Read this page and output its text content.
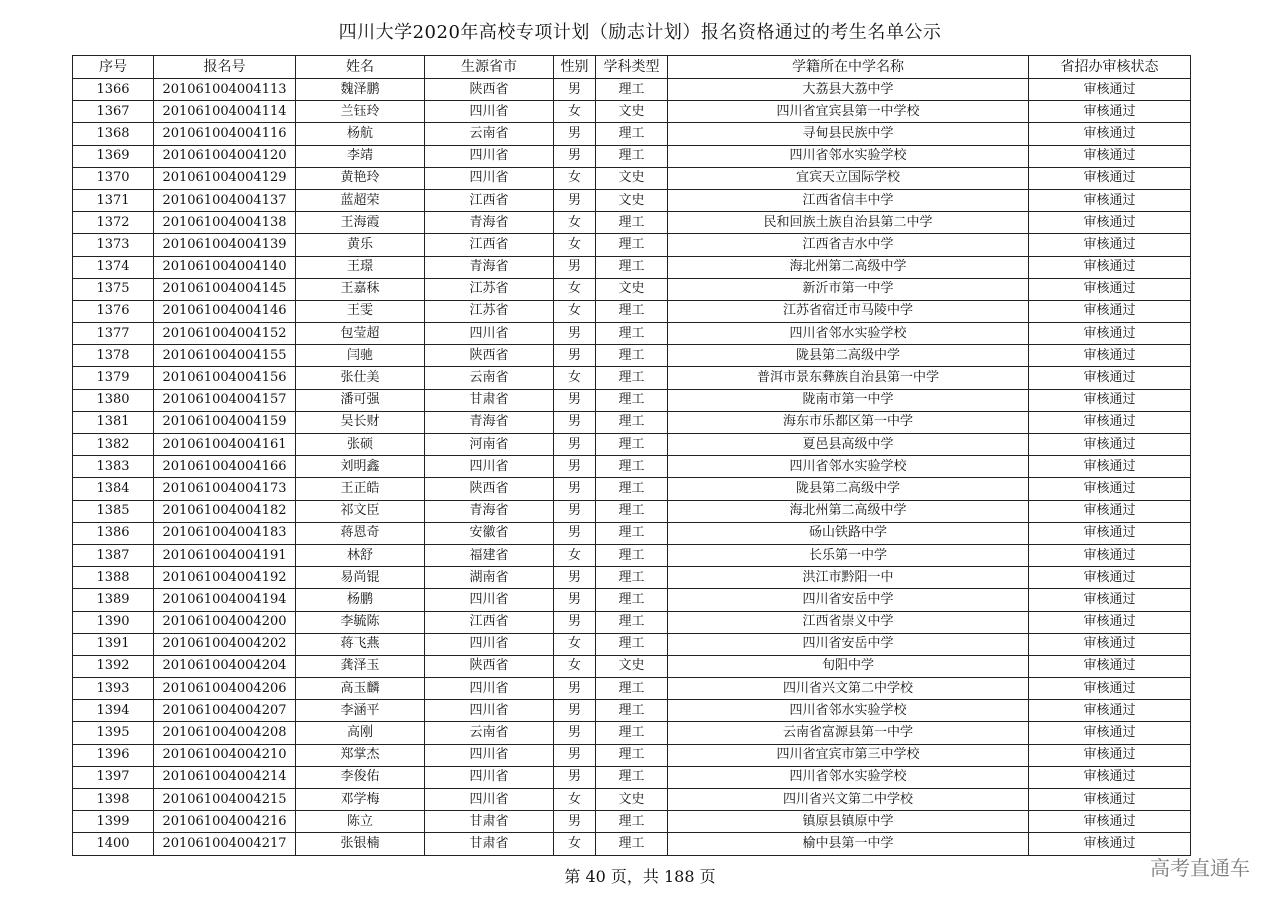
四川大学2020年高校专项计划（励志计划）报名资格通过的考生名单公示
序号	报名号	姓名	生源省市	性别	学科类型	学籍所在中学名称	省招办审核状态
1366	201061004004113	魏泽鹏	陕西省	男	理工	大荔县大荔中学	审核通过
1367	201061004004114	兰钰玲	四川省	女	文史	四川省宜宾县第一中学校	审核通过
1368	201061004004116	杨航	云南省	男	理工	寻甸县民族中学	审核通过
1369	201061004004120	李靖	四川省	男	理工	四川省邻水实验学校	审核通过
1370	201061004004129	黄艳玲	四川省	女	文史	宜宾天立国际学校	审核通过
1371	201061004004137	蓝超荣	江西省	男	文史	江西省信丰中学	审核通过
1372	201061004004138	王海霞	青海省	女	理工	民和回族土族自治县第二中学	审核通过
1373	201061004004139	黄乐	江西省	女	理工	江西省吉水中学	审核通过
1374	201061004004140	王璟	青海省	男	理工	海北州第二高级中学	审核通过
1375	201061004004145	王嘉秣	江苏省	女	文史	新沂市第一中学	审核通过
1376	201061004004146	王雯	江苏省	女	理工	江苏省宿迁市马陵中学	审核通过
1377	201061004004152	包莹超	四川省	男	理工	四川省邻水实验学校	审核通过
1378	201061004004155	闫驰	陕西省	男	理工	陇县第二高级中学	审核通过
1379	201061004004156	张仕美	云南省	女	理工	普洱市景东彝族自治县第一中学	审核通过
1380	201061004004157	潘可强	甘肃省	男	理工	陇南市第一中学	审核通过
1381	201061004004159	吴长财	青海省	男	理工	海东市乐都区第一中学	审核通过
1382	201061004004161	张硕	河南省	男	理工	夏邑县高级中学	审核通过
1383	201061004004166	刘明鑫	四川省	男	理工	四川省邻水实验学校	审核通过
1384	201061004004173	王正皓	陕西省	男	理工	陇县第二高级中学	审核通过
1385	201061004004182	祁文臣	青海省	男	理工	海北州第二高级中学	审核通过
1386	201061004004183	蒋恩奇	安徽省	男	理工	砀山铁路中学	审核通过
1387	201061004004191	林舒	福建省	女	理工	长乐第一中学	审核通过
1388	201061004004192	易尚锟	湖南省	男	理工	洪江市黔阳一中	审核通过
1389	201061004004194	杨鹏	四川省	男	理工	四川省安岳中学	审核通过
1390	201061004004200	李毓陈	江西省	男	理工	江西省崇义中学	审核通过
1391	201061004004202	蒋飞燕	四川省	女	理工	四川省安岳中学	审核通过
1392	201061004004204	龚泽玉	陕西省	女	文史	旬阳中学	审核通过
1393	201061004004206	高玉麟	四川省	男	理工	四川省兴文第二中学校	审核通过
1394	201061004004207	李涵平	四川省	男	理工	四川省邻水实验学校	审核通过
1395	201061004004208	高刚	云南省	男	理工	云南省富源县第一中学	审核通过
1396	201061004004210	郑掌杰	四川省	男	理工	四川省宜宾市第三中学校	审核通过
1397	201061004004214	李俊佑	四川省	男	理工	四川省邻水实验学校	审核通过
1398	201061004004215	邓学梅	四川省	女	文史	四川省兴文第二中学校	审核通过
1399	201061004004216	陈立	甘肃省	男	理工	镇原县镇原中学	审核通过
1400	201061004004217	张银楠	甘肃省	女	理工	榆中县第一中学	审核通过
第 40 页，共 188 页	高考直通车
